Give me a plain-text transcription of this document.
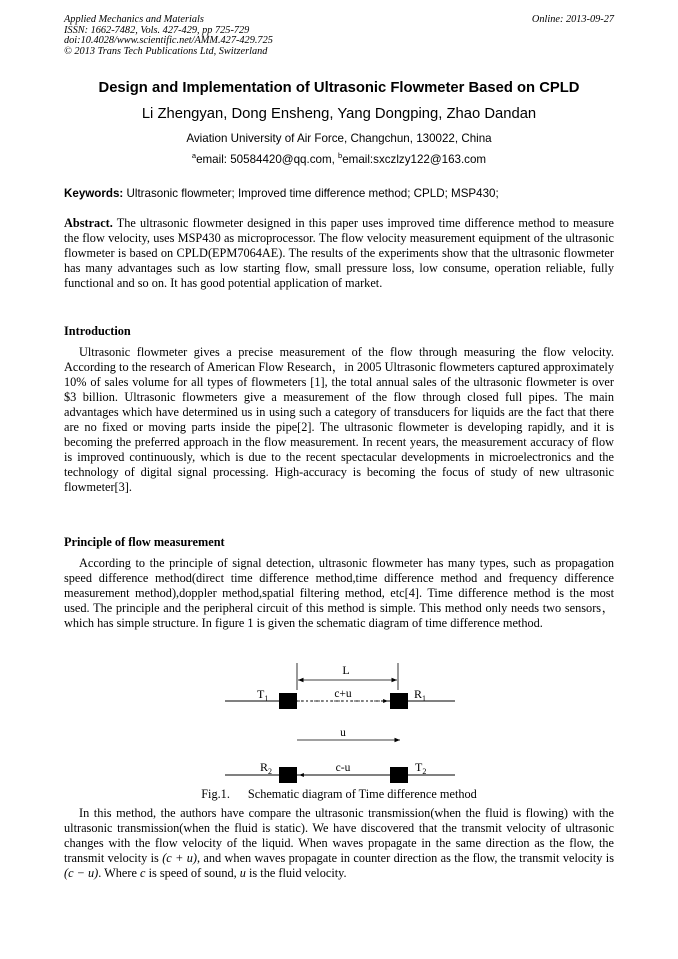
Applied Mechanics and Materials
ISSN: 1662-7482, Vols. 427-429, pp 725-729
doi:10.4028/www.scientific.net/AMM.427-429.725
© 2013 Trans Tech Publications Ltd, Switzerland
Online: 2013-09-27
Design and Implementation of Ultrasonic Flowmeter Based on CPLD
Li Zhengyan, Dong Ensheng, Yang Dongping, Zhao Dandan
Aviation University of Air Force, Changchun, 130022, China
$^a$email: 50584420@qq.com, $^b$email:sxczlzy122@163.com
Keywords: Ultrasonic flowmeter; Improved time difference method; CPLD; MSP430;

Abstract. The ultrasonic flowmeter designed in this paper uses improved time difference method to measure the flow velocity, uses MSP430 as microprocessor. The flow velocity measurement equipment of the ultrasonic flowmeter is based on CPLD(EPM7064AE). The results of the experiments show that the ultrasonic flowmeter has many advantages such as low starting flow, small pressure loss, low consume, operation reliable, fully functional and so on. It has good potential application of market.

Introduction

Ultrasonic flowmeter gives a precise measurement of the flow through measuring the flow velocity. According to the research of American Flow Research，in 2005 Ultrasonic flowmeters captured approximately 10% of sales volume for all types of flowmeters [1], the total annual sales of the ultrasonic flowmeter is over $3 billion. Ultrasonic flowmeters give a measurement of the flow through closed full pipes. The main advantages which have determined us in using such a category of transducers for liquids are the fact that there are no fixed or moving parts inside the pipe[2]. The ultrasonic flowmeter is developing rapidly, and it is becoming the preferred approach in the flow measurement. In recent years, the measurement accuracy of flow is improved continuously, which is due to the recent spectacular developments in microelectronics and the technology of digital signal processing. High-accuracy is becoming the focus of study of new ultrasonic flowmeter[3].

Principle of flow measurement

According to the principle of signal detection, ultrasonic flowmeter has many types, such as propagation speed difference method(direct time difference method,time difference method and frequency difference measurement method),doppler method,spatial filtering method, etc[4]. Time difference method is the most used. The principle and the peripheral circuit of this method is simple. This method only needs two sensors，which has simple structure. In figure 1 is given the schematic diagram of time difference method.

L
$T_1$	$R_1$
c+u
u
$R_2$	$T_2$
c-u
Fig.1. Schematic diagram of Time difference method

In this method, the authors have compare the ultrasonic transmission(when the fluid is flowing) with the ultrasonic transmission(when the fluid is static). We have discovered that the transmit velocity of ultrasonic changes with the flow velocity of the liquid. When waves propagate in the same direction as the flow, the transmit velocity is (c + u), and when waves propagate in counter direction as the flow, the transmit velocity is (c − u). Where c is speed of sound, u is the fluid velocity.
